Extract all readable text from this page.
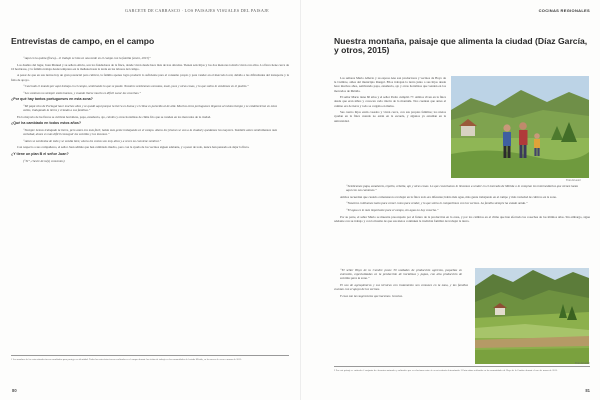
GARCETE DE CARRASCO · LOS PAISAJES VISUALES DEL PAISAJE
Entrevistas de campo, en el campo

“Aquí en la quinta (finca)... el trabajo se hizo en una tarde en el campo con la familia (enero, 2015)”

Los dueños del lugar, Juan Manuel y su señora Alicia, son los fundadores de la finca, donde viven desde hace más de tres décadas. Tienen seis hijos y los dos menores todavía viven con ellos. La finca tiene cerca de 10 hectáreas, y la familia trabaja desde temprano en la mañana hasta la tarde en las labores del campo.

A pesar de que en sus tierras hay un gran potencial para cultivar, la familia apenas logra producir lo suficiente para el consumo propio y para vender en el mercado local, debido a las dificultades del transporte y la falta de apoyo.

“Casi todo el mundo por aquí trabaja en el campo, sembrando lo que se puede. Nosotros sembramos caraotas, maíz, yuca y otras cosas, y lo que sobra lo vendemos en el pueblo.”

“Los caminos no siempre están buenos, y cuando llueve mucho es difícil sacar las cosechas.”

¿Por qué hay tantos portugueses en esta zona?

“Mi papá vino de Portugal hace muchos años y se quedó aquí porque la tierra es buena y el clima es parecido al de allá. Muchos otros portugueses llegaron al mismo tiempo y se establecieron en estos valles, trabajando la tierra y criando a sus familias.”

En la mayoría de las fincas se cultivan hortalizas, papa, zanahoria, ajo, cebolla y otras hortalizas de clima frío que se venden en los mercados de la ciudad.

¿Qué ha cambiado en todos estos años?

“Siempre hemos trabajado la tierra, pero antes era más fácil, había más gente trabajando en el campo. Ahora los jóvenes se van a la ciudad y quedamos los mayores. También antes sembrábamos más variedad, ahora es más difícil conseguir las semillas y los insumos.”

“Antes se sembraba de todo y se vendía bien; ahora los costos son muy altos y a veces no conviene sembrar.”

Con respecto a sus compañeros, el señor Juan admite que han cambiado mucho, pero con la ayuda de los vecinos siguen adelante, y a pesar de todo, nunca han pensado en dejar la finca.

¿Y tiene un plan B el señor Juan?

(“Sí”, chevre de la(s) convenios)

1 Los nombres de los entrevistados fueron cambiados para proteger su identidad. Todas las entrevistas fueron realizadas en el campo durante las visitas de trabajo en las comunidades del estado Mérida, en los meses de enero a marzo de 2015.
80
COCINAS REGIONALES
Nuestra montaña, paisaje que alimenta la ciudad (Díaz García, y otros, 2015)

Los señores Mario Alberto y su esposa Ana son productores y vecinos de Hoyo de la Cumbre, aldea del municipio Rangel. Ellos trabajan la tierra junto a sus hijos desde hace muchos años, sembrando papa, zanahoria, ajo y otras hortalizas que venden en los mercados de Mérida.

El señor Mario tiene 60 años y el señor Pedro cumplió 77. Ambos viven en la finca desde que eran niños y conocen cada rincón de la montaña. Nos cuentan que antes el camino era de tierra y todo se cargaba en mulas.

Sus cuatro hijos están casados y viven cerca, con sus propias familias; los nietos ayudan en la finca cuando no están en la escuela, y algunos ya estudian en la universidad.

Foto del autor

“Sembramos papa, zanahoria, repollo, cebolla, ajo y otras cosas. Lo que cosechamos lo llevamos a vender en el mercado de Mérida o lo compran los intermediarios que vienen hasta aquí con sus camiones.”

Ambos recuerdan que cuando comenzaron a trabajar en la finca todo era diferente; había más agua, más gente trabajando en el campo y más variedad de cultivos en la zona.

“Nosotros cultivamos tanto para comer como para vender, y lo que sobra lo compartimos con los vecinos. La familia siempre ha estado unida.”

“El agua es lo más importante para el campo, sin agua no hay cosecha.”

Por su parte, el señor Mario se muestra preocupado por el futuro de la producción en la zona, y por los cambios en el clima que han afectado las cosechas de los últimos años. Sin embargo, sigue adelante con su trabajo y con la ilusión de que sus nietos continúen la tradición familiar de trabajar la tierra.

“El señor Hoyo de la Cumbre posee 30 unidades de producción agrícola, pequeñas en extensión, especializadas en la producción de hortalizas y papas, con alta producción de semillas para la zona.”

El uso de agroquímicos y sus técnicas con tratamiento son comunes en la zona, y las familias cuentan con el apoyo de los vecinos.

Y esas son las sugerencias que hacemos. Gracias.

Foto del autor
2 Por este paisaje se entiende el conjunto de elementos naturales y culturales que se relacionan entre sí en un territorio determinado. 3 Entrevistas realizadas en las comunidades de Hoyo de la Cumbre durante el mes de marzo de 2015.
81
